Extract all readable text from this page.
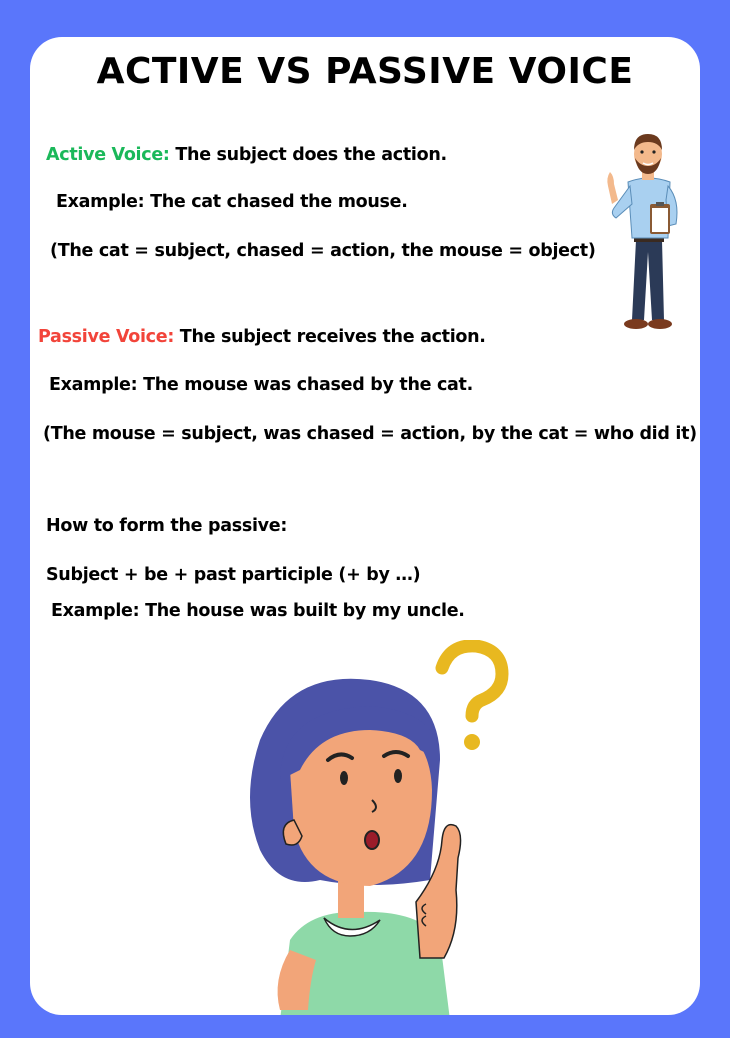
ACTIVE VS PASSIVE VOICE
Active Voice: The subject does the action.
Example: The cat chased the mouse.
(The cat = subject, chased = action, the mouse = object)
Passive Voice: The subject receives the action.
Example: The mouse was chased by the cat.
(The mouse = subject, was chased = action, by the cat = who did it)
How to form the passive:
Subject + be + past participle (+ by …)
Example: The house was built by my uncle.
